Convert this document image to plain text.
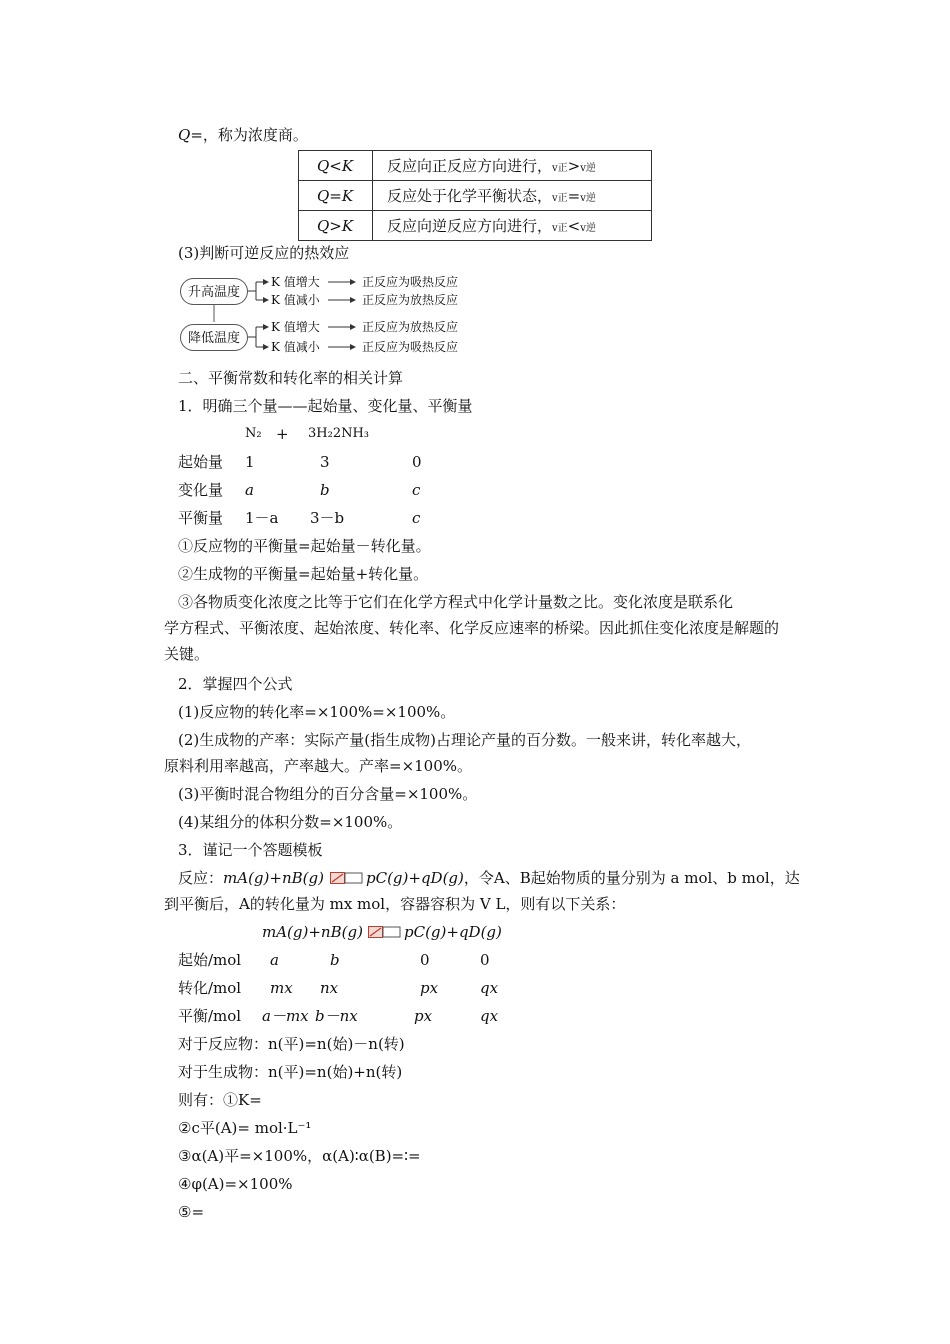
Q=，称为浓度商。
Q<K	反应向正反应方向进行，v正>v逆
Q=K	反应处于化学平衡状态，v正=v逆
Q>K	反应向逆反应方向进行，v正<v逆
(3)判断可逆反应的热效应
升高温度
降低温度
K 值增大	正反应为吸热反应
K 值减小	正反应为放热反应
K 值增大	正反应为放热反应
K 值减小	正反应为吸热反应
二、平衡常数和转化率的相关计算
1．明确三个量——起始量、变化量、平衡量
N₂ + 3H₂2NH₃
起始量 1	3	0
变化量 a	b	c
平衡量 1－a 3－b	c
①反应物的平衡量=起始量－转化量。
②生成物的平衡量=起始量+转化量。
③各物质变化浓度之比等于它们在化学方程式中化学计量数之比。变化浓度是联系化
学方程式、平衡浓度、起始浓度、转化率、化学反应速率的桥梁。因此抓住变化浓度是解题的
关键。
2．掌握四个公式
(1)反应物的转化率=×100%=×100%。
(2)生成物的产率：实际产量(指生成物)占理论产量的百分数。一般来讲，转化率越大，
原料利用率越高，产率越大。产率=×100%。
(3)平衡时混合物组分的百分含量=×100%。
(4)某组分的体积分数=×100%。
3．谨记一个答题模板
反应：mA(g)+nB(g)	pC(g)+qD(g)，令A、B起始物质的量分别为 a mol、b mol，达
到平衡后，A的转化量为 mx mol，容器容积为 V L，则有以下关系：
mA(g)+nB(g)	pC(g)+qD(g)
起始/mol a	b	0	0
转化/mol mx nx	px	qx
平衡/mol a－mx b－nx	px	qx
对于反应物：n(平)=n(始)－n(转)
对于生成物：n(平)=n(始)+n(转)
则有：①K=
②c平(A)= mol·L⁻¹
③α(A)平=×100%，α(A)∶α(B)=∶=
④φ(A)=×100%
⑤=
